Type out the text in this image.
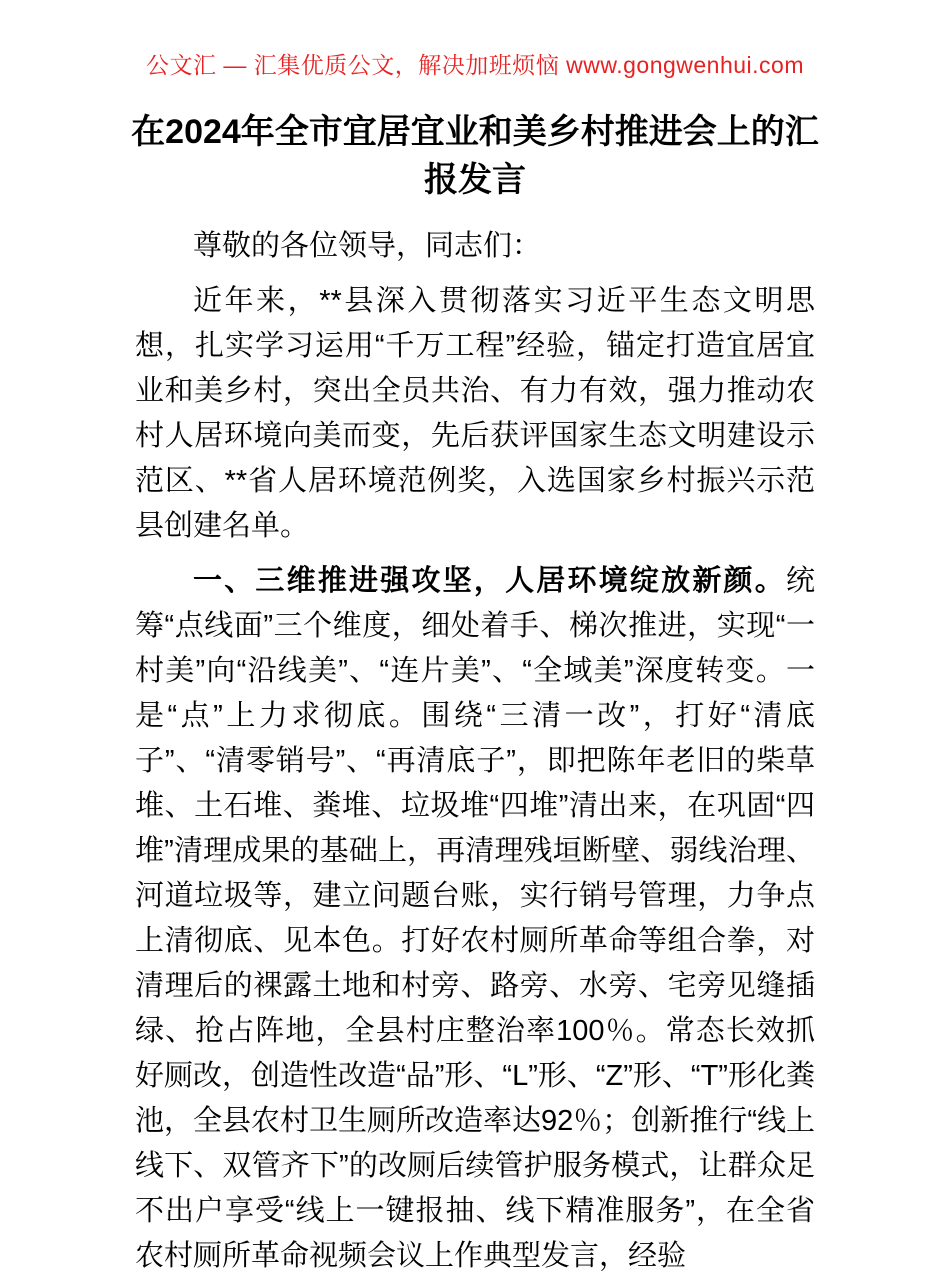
公文汇 — 汇集优质公文，解决加班烦恼 www.gongwenhui.com
在2024年全市宜居宜业和美乡村推进会上的汇报发言

尊敬的各位领导，同志们：

近年来，**县深入贯彻落实习近平生态文明思想，扎实学习运用“千万工程”经验，锚定打造宜居宜业和美乡村，突出全员共治、有力有效，强力推动农村人居环境向美而变，先后获评国家生态文明建设示范区、**省人居环境范例奖，入选国家乡村振兴示范县创建名单。

一、三维推进强攻坚，人居环境绽放新颜。统筹“点线面”三个维度，细处着手、梯次推进，实现“一村美”向“沿线美”、“连片美”、“全域美”深度转变。一是“点”上力求彻底。围绕“三清一改”，打好“清底子”、“清零销号”、“再清底子”，即把陈年老旧的柴草堆、土石堆、粪堆、垃圾堆“四堆”清出来，在巩固“四堆”清理成果的基础上，再清理残垣断壁、弱线治理、河道垃圾等，建立问题台账，实行销号管理，力争点上清彻底、见本色。打好农村厕所革命等组合拳，对清理后的裸露土地和村旁、路旁、水旁、宅旁见缝插绿、抢占阵地，全县村庄整治率100％。常态长效抓好厕改，创造性改造“品”形、“L”形、“Z”形、“T”形化粪池，全县农村卫生厕所改造率达92％；创新推行“线上线下、双管齐下”的改厕后续管护服务模式，让群众足不出户享受“线上一键报抽、线下精准服务”，在全省农村厕所革命视频会议上作典型发言，经验
